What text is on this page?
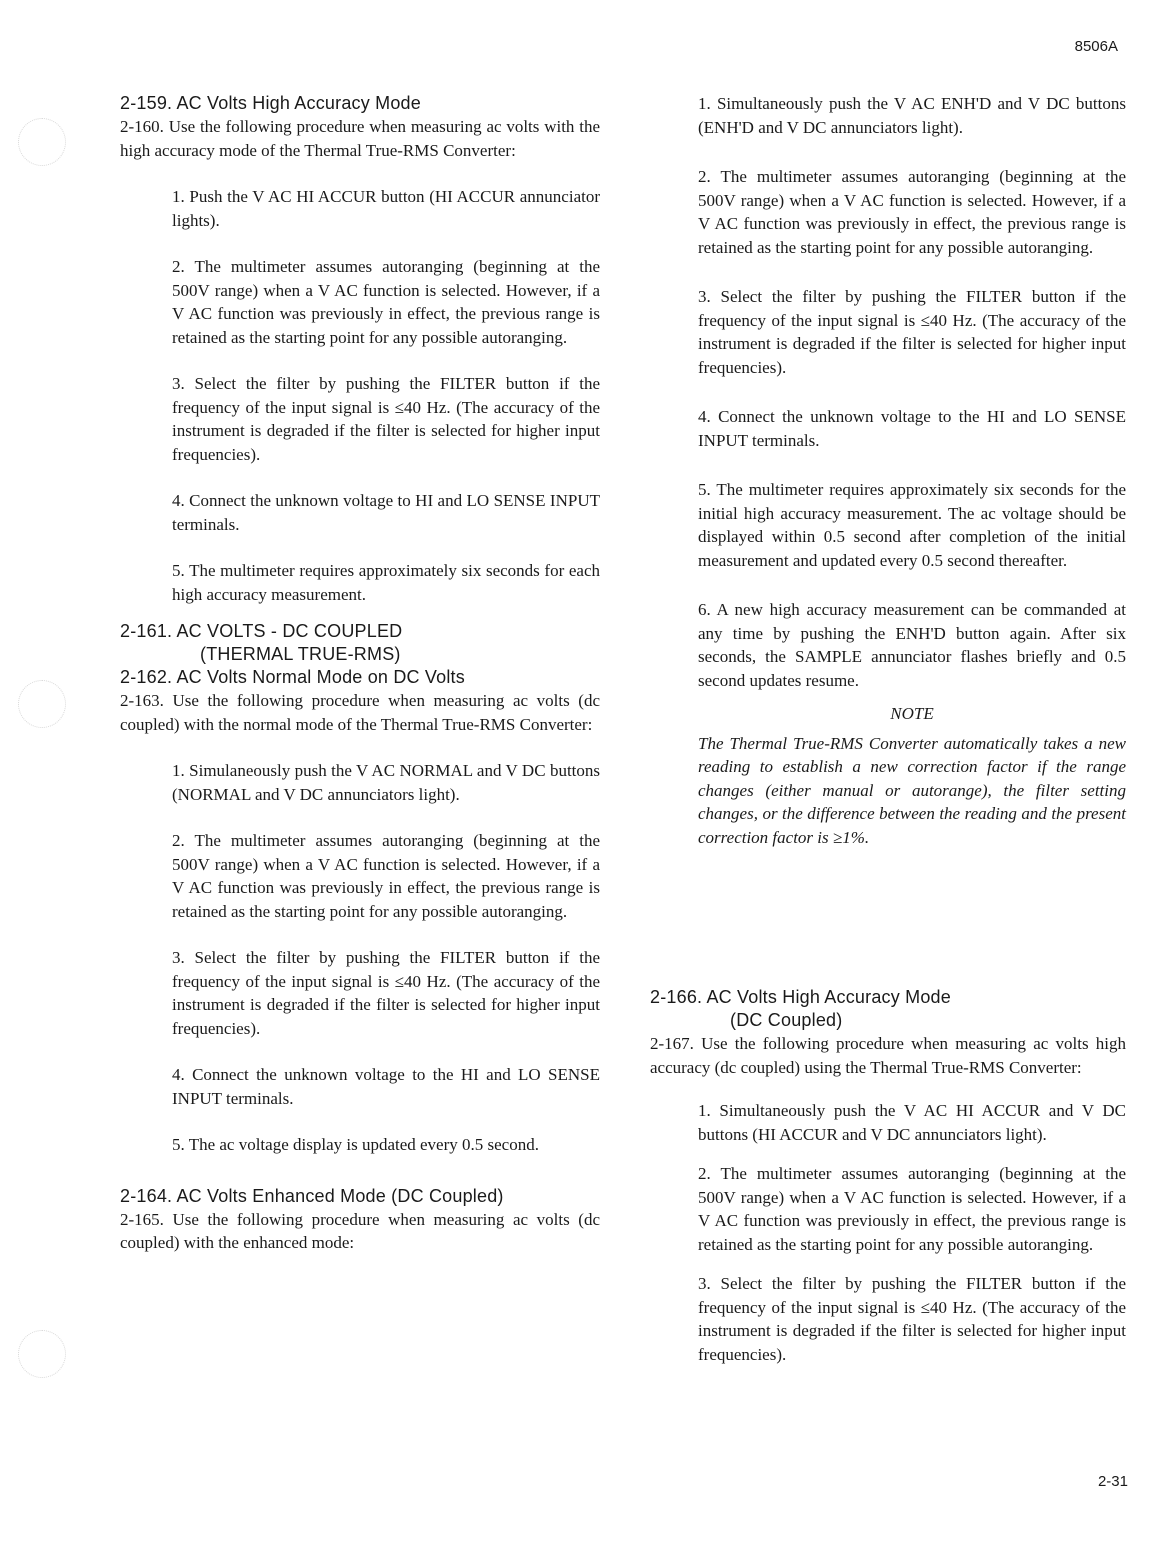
8506A
2-159. AC Volts High Accuracy Mode

2-160. Use the following procedure when measuring ac volts with the high accuracy mode of the Thermal True-RMS Converter:

1. Push the V AC HI ACCUR button (HI ACCUR annunciator lights).

2. The multimeter assumes autoranging (beginning at the 500V range) when a V AC function is selected. However, if a V AC function was previously in effect, the previous range is retained as the starting point for any possible autoranging.

3. Select the filter by pushing the FILTER button if the frequency of the input signal is ≤40 Hz. (The accuracy of the instrument is degraded if the filter is selected for higher input frequencies).

4. Connect the unknown voltage to HI and LO SENSE INPUT terminals.

5. The multimeter requires approximately six seconds for each high accuracy measurement.

2-161. AC VOLTS - DC COUPLED
(THERMAL TRUE-RMS)
2-162. AC Volts Normal Mode on DC Volts

2-163. Use the following procedure when measuring ac volts (dc coupled) with the normal mode of the Thermal True-RMS Converter:

1. Simulaneously push the V AC NORMAL and V DC buttons (NORMAL and V DC annunciators light).

2. The multimeter assumes autoranging (beginning at the 500V range) when a V AC function is selected. However, if a V AC function was previously in effect, the previous range is retained as the starting point for any possible autoranging.

3. Select the filter by pushing the FILTER button if the frequency of the input signal is ≤40 Hz. (The accuracy of the instrument is degraded if the filter is selected for higher input frequencies).

4. Connect the unknown voltage to the HI and LO SENSE INPUT terminals.

5. The ac voltage display is updated every 0.5 second.

2-164. AC Volts Enhanced Mode (DC Coupled)

2-165. Use the following procedure when measuring ac volts (dc coupled) with the enhanced mode:

1. Simultaneously push the V AC ENH'D and V DC buttons (ENH'D and V DC annunciators light).

2. The multimeter assumes autoranging (beginning at the 500V range) when a V AC function is selected. However, if a V AC function was previously in effect, the previous range is retained as the starting point for any possible autoranging.

3. Select the filter by pushing the FILTER button if the frequency of the input signal is ≤40 Hz. (The accuracy of the instrument is degraded if the filter is selected for higher input frequencies).

4. Connect the unknown voltage to the HI and LO SENSE INPUT terminals.

5. The multimeter requires approximately six seconds for the initial high accuracy measurement. The ac voltage should be displayed within 0.5 second after completion of the initial measurement and updated every 0.5 second thereafter.

6. A new high accuracy measurement can be commanded at any time by pushing the ENH'D button again. After six seconds, the SAMPLE annunciator flashes briefly and 0.5 second updates resume.

NOTE

The Thermal True-RMS Converter automatically takes a new reading to establish a new correction factor if the range changes (either manual or autorange), the filter setting changes, or the difference between the reading and the present correction factor is ≥1%.

2-166. AC Volts High Accuracy Mode
(DC Coupled)

2-167. Use the following procedure when measuring ac volts high accuracy (dc coupled) using the Thermal True-RMS Converter:

1. Simultaneously push the V AC HI ACCUR and V DC buttons (HI ACCUR and V DC annunciators light).

2. The multimeter assumes autoranging (beginning at the 500V range) when a V AC function is selected. However, if a V AC function was previously in effect, the previous range is retained as the starting point for any possible autoranging.

3. Select the filter by pushing the FILTER button if the frequency of the input signal is ≤40 Hz. (The accuracy of the instrument is degraded if the filter is selected for higher input frequencies).

2-31
